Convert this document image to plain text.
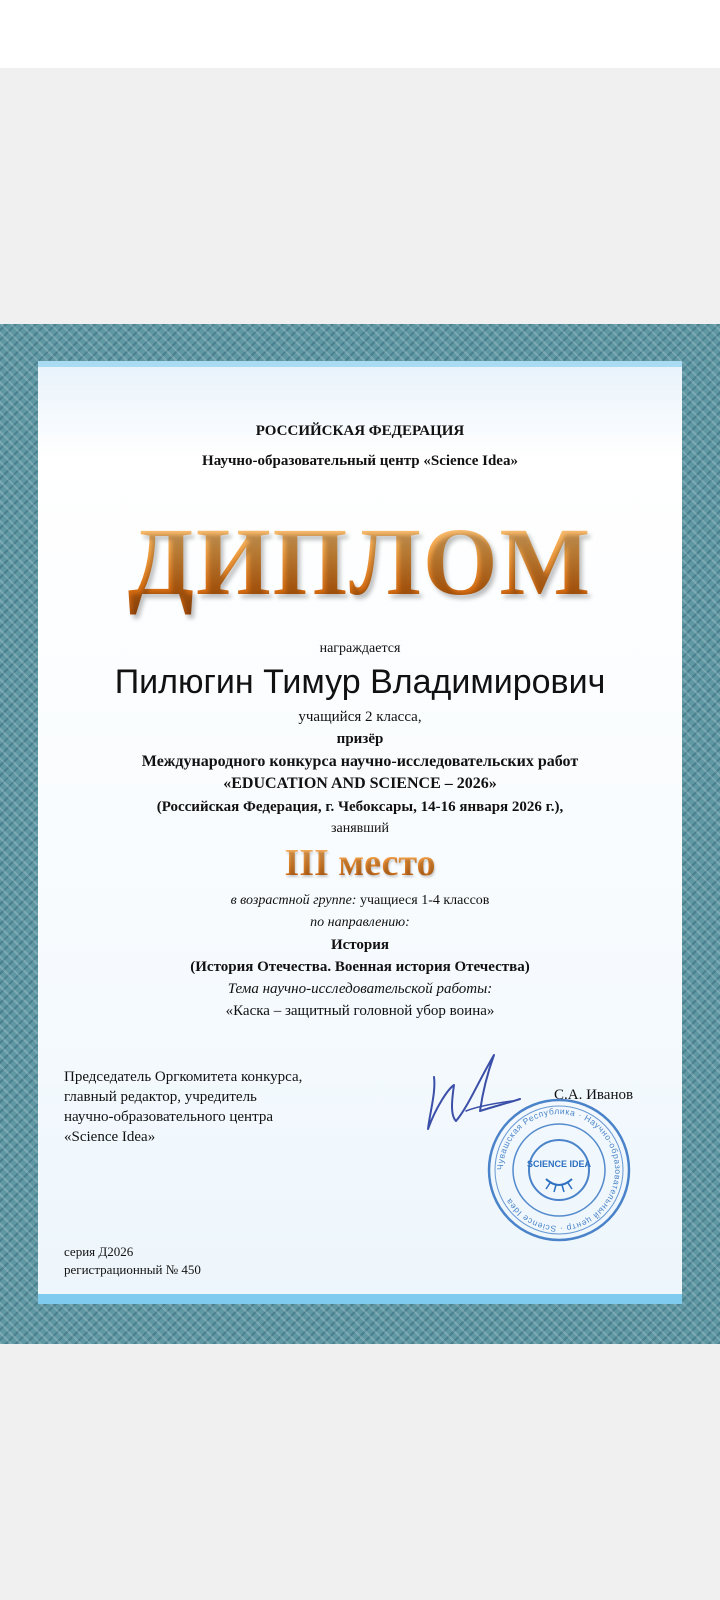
РОССИЙСКАЯ ФЕДЕРАЦИЯ
Научно-образовательный центр «Science Idea»
ДИПЛОМ
награждается
Пилюгин Тимур Владимирович
учащийся 2 класса,
призёр
Международного конкурса научно-исследовательских работ
«EDUCATION AND SCIENCE – 2026»
(Российская Федерация, г. Чебоксары, 14-16 января 2026 г.),
занявший
III место
в возрастной группе: учащиеся 1-4 классов
по направлению:
История
(История Отечества. Военная история Отечества)
Тема научно-исследовательской работы:
«Каска – защитный головной убор воина»
Председатель Оргкомитета конкурса,
главный редактор, учредитель
научно-образовательного центра
«Science Idea»
С.А. Иванов
Чувашская Республика · Научно-образовательный центр · Science Idea
SCIENCE IDEA
серия Д2026
регистрационный № 450
